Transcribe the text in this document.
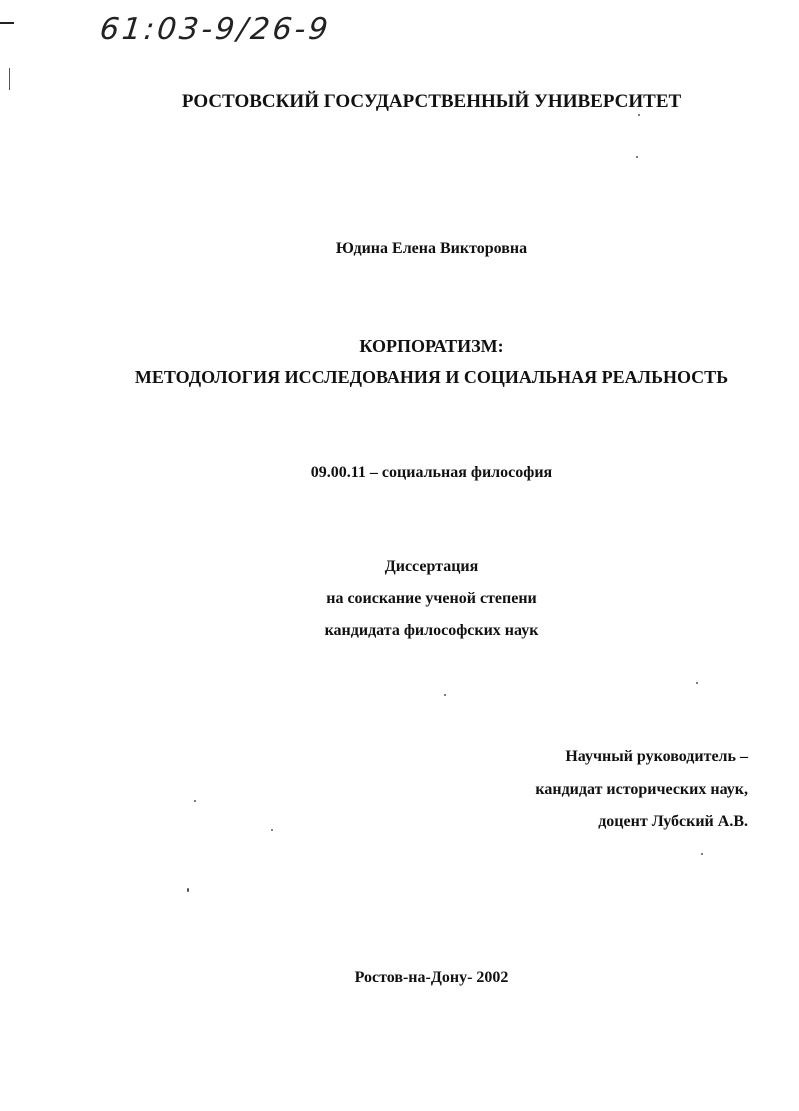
61:03-9/26-9
РОСТОВСКИЙ ГОСУДАРСТВЕННЫЙ УНИВЕРСИТЕТ
Юдина Елена Викторовна
КОРПОРАТИЗМ:
МЕТОДОЛОГИЯ ИССЛЕДОВАНИЯ И СОЦИАЛЬНАЯ РЕАЛЬНОСТЬ
09.00.11 – социальная философия
Диссертация
на соискание ученой степени
кандидата философских наук
Научный руководитель –
кандидат исторических наук,
доцент Лубский А.В.
Ростов-на-Дону- 2002
